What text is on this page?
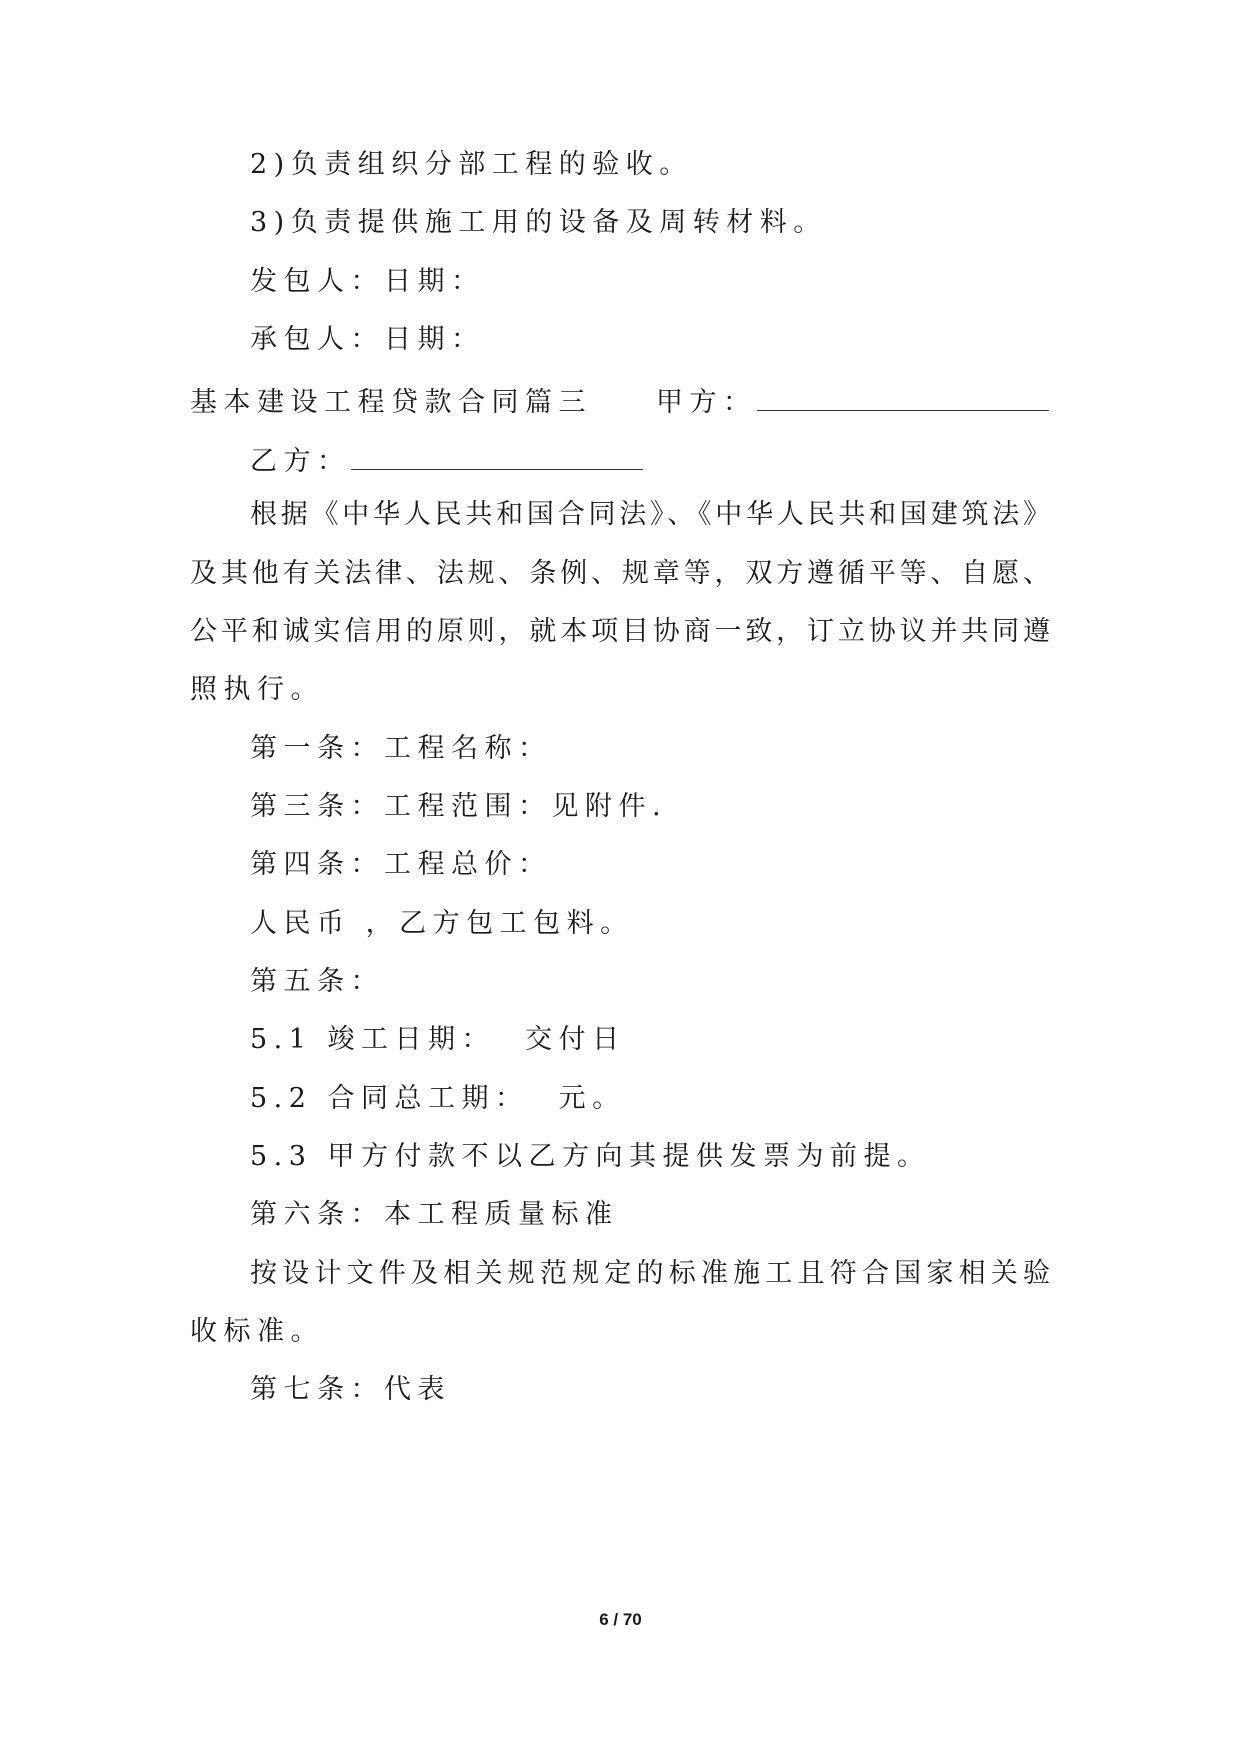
2)负责组织分部工程的验收。
3)负责提供施工用的设备及周转材料。
发包人：日期：
承包人：日期：
基本建设工程贷款合同篇三 甲方：
乙方：
根据《中华人民共和国合同法》、《中华人民共和国建筑法》
及其他有关法律、法规、条例、规章等，双方遵循平等、自愿、
公平和诚实信用的原则，就本项目协商一致，订立协议并共同遵
照执行。
第一条：工程名称：
第三条：工程范围：见附件.
第四条：工程总价：
人民币 ，乙方包工包料。
第五条：
5.1 竣工日期：  交付日
5.2 合同总工期：  元。
5.3 甲方付款不以乙方向其提供发票为前提。
第六条：本工程质量标准
按设计文件及相关规范规定的标准施工且符合国家相关验
收标准。
第七条：代表
6 / 70
